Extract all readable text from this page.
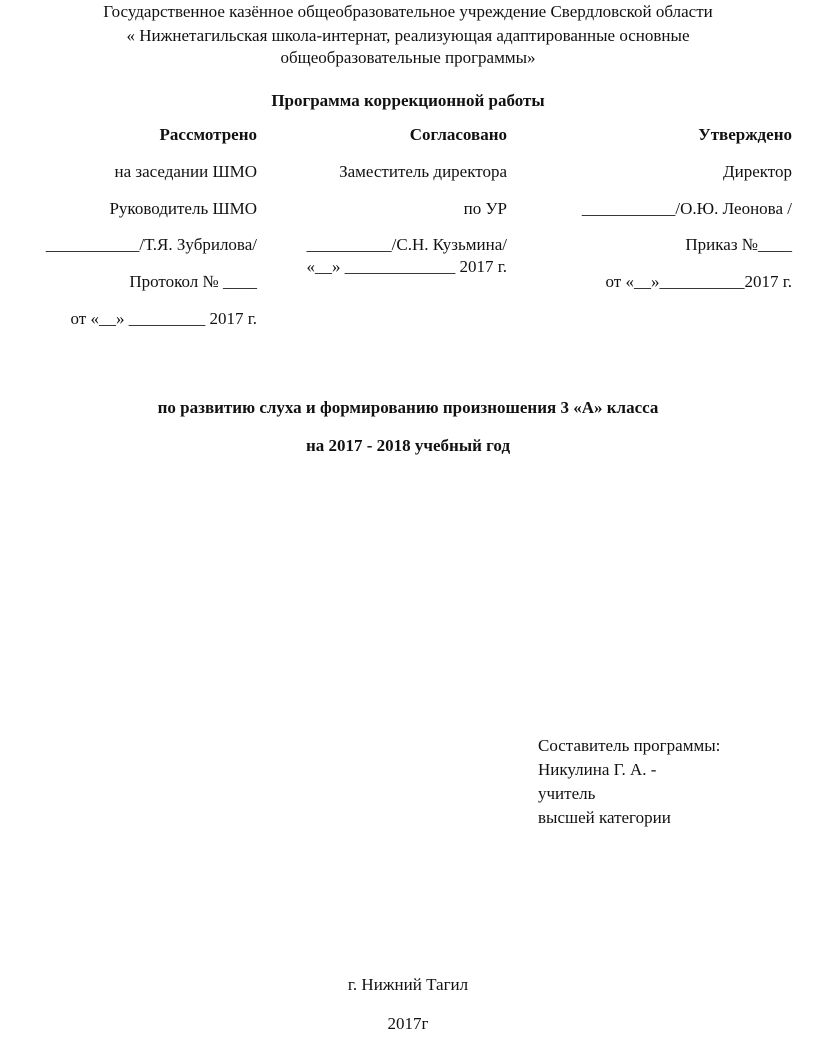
Государственное казённое общеобразовательное учреждение Свердловской области
« Нижнетагильская школа-интернат, реализующая адаптированные основные
общеобразовательные программы»
Программа коррекционной работы
Рассмотрено
на заседании ШМО
Руководитель ШМО
___________/Т.Я. Зубрилова/
Протокол № ____
от «__» _________ 2017 г.
Согласовано
Заместитель директора
по УР
__________/С.Н. Кузьмина/
«__» _____________ 2017 г.
Утверждено
Директор
___________/О.Ю. Леонова /
Приказ №____
от «__»__________2017 г.
по развитию слуха и формированию произношения 3 «А» класса
на 2017 - 2018 учебный год
Составитель программы:
Никулина Г. А. -
учитель
высшей категории
г. Нижний Тагил
2017г
